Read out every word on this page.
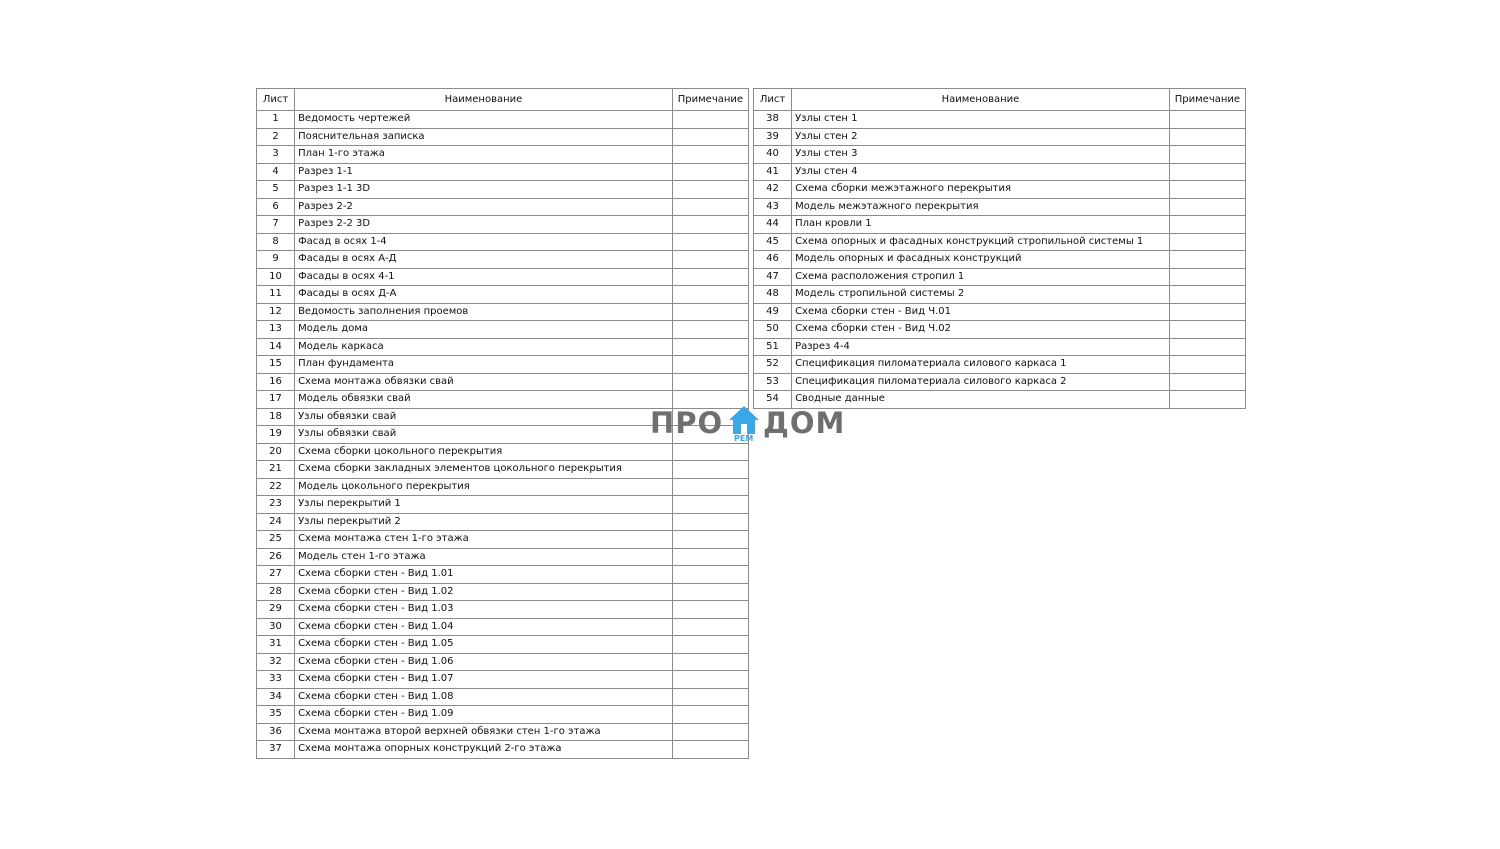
Лист	Наименование	Примечание
1	Ведомость чертежей	
2	Пояснительная записка	
3	План 1-го этажа	
4	Разрез 1-1	
5	Разрез 1-1 3D	
6	Разрез 2-2	
7	Разрез 2-2 3D	
8	Фасад в осях 1-4	
9	Фасады в осях А-Д	
10	Фасады в осях 4-1	
11	Фасады в осях Д-А	
12	Ведомость заполнения проемов	
13	Модель дома	
14	Модель каркаса	
15	План фундамента	
16	Схема монтажа обвязки свай	
17	Модель обвязки свай	
18	Узлы обвязки свай	
19	Узлы обвязки свай	
20	Схема сборки цокольного перекрытия	
21	Схема сборки закладных элементов цокольного перекрытия	
22	Модель цокольного перекрытия	
23	Узлы перекрытий 1	
24	Узлы перекрытий 2	
25	Схема монтажа стен 1-го этажа	
26	Модель стен 1-го этажа	
27	Схема сборки стен - Вид 1.01	
28	Схема сборки стен - Вид 1.02	
29	Схема сборки стен - Вид 1.03	
30	Схема сборки стен - Вид 1.04	
31	Схема сборки стен - Вид 1.05	
32	Схема сборки стен - Вид 1.06	
33	Схема сборки стен - Вид 1.07	
34	Схема сборки стен - Вид 1.08	
35	Схема сборки стен - Вид 1.09	
36	Схема монтажа второй верхней обвязки стен 1-го этажа	
37	Схема монтажа опорных конструкций 2-го этажа	
Лист	Наименование	Примечание
38	Узлы стен 1	
39	Узлы стен 2	
40	Узлы стен 3	
41	Узлы стен 4	
42	Схема сборки межэтажного перекрытия	
43	Модель межэтажного перекрытия	
44	План кровли 1	
45	Схема опорных и фасадных конструкций стропильной системы 1	
46	Модель опорных и фасадных конструкций	
47	Схема расположения стропил 1	
48	Модель стропильной системы 2	
49	Схема сборки стен - Вид Ч.01	
50	Схема сборки стен - Вид Ч.02	
51	Разрез 4-4	
52	Спецификация пиломатериала силового каркаса 1	
53	Спецификация пиломатериала силового каркаса 2	
54	Сводные данные	
ПРО РЕМ ДОМ
